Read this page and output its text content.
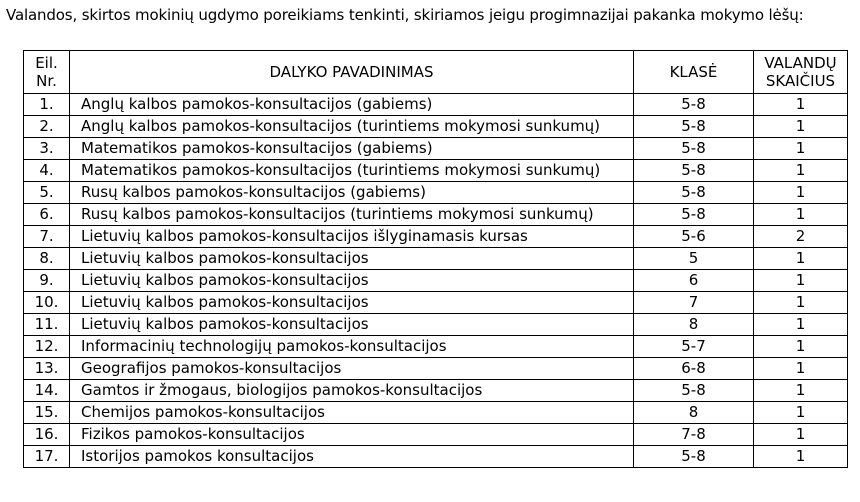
Valandos, skirtos mokinių ugdymo poreikiams tenkinti, skiriamos jeigu progimnazijai pakanka mokymo lėšų:
Eil.
Nr.	DALYKO PAVADINIMAS	KLASĖ	VALANDŲ
SKAIČIUS
1.	Anglų kalbos pamokos-konsultacijos (gabiems)	5-8	1
2.	Anglų kalbos pamokos-konsultacijos (turintiems mokymosi sunkumų)	5-8	1
3.	Matematikos pamokos-konsultacijos (gabiems)	5-8	1
4.	Matematikos pamokos-konsultacijos (turintiems mokymosi sunkumų)	5-8	1
5.	Rusų kalbos pamokos-konsultacijos (gabiems)	5-8	1
6.	Rusų kalbos pamokos-konsultacijos (turintiems mokymosi sunkumų)	5-8	1
7.	Lietuvių kalbos pamokos-konsultacijos išlyginamasis kursas	5-6	2
8.	Lietuvių kalbos pamokos-konsultacijos	5	1
9.	Lietuvių kalbos pamokos-konsultacijos	6	1
10.	Lietuvių kalbos pamokos-konsultacijos	7	1
11.	Lietuvių kalbos pamokos-konsultacijos	8	1
12.	Informacinių technologijų pamokos-konsultacijos	5-7	1
13.	Geografijos pamokos-konsultacijos	6-8	1
14.	Gamtos ir žmogaus, biologijos pamokos-konsultacijos	5-8	1
15.	Chemijos pamokos-konsultacijos	8	1
16.	Fizikos pamokos-konsultacijos	7-8	1
17.	Istorijos pamokos konsultacijos	5-8	1
